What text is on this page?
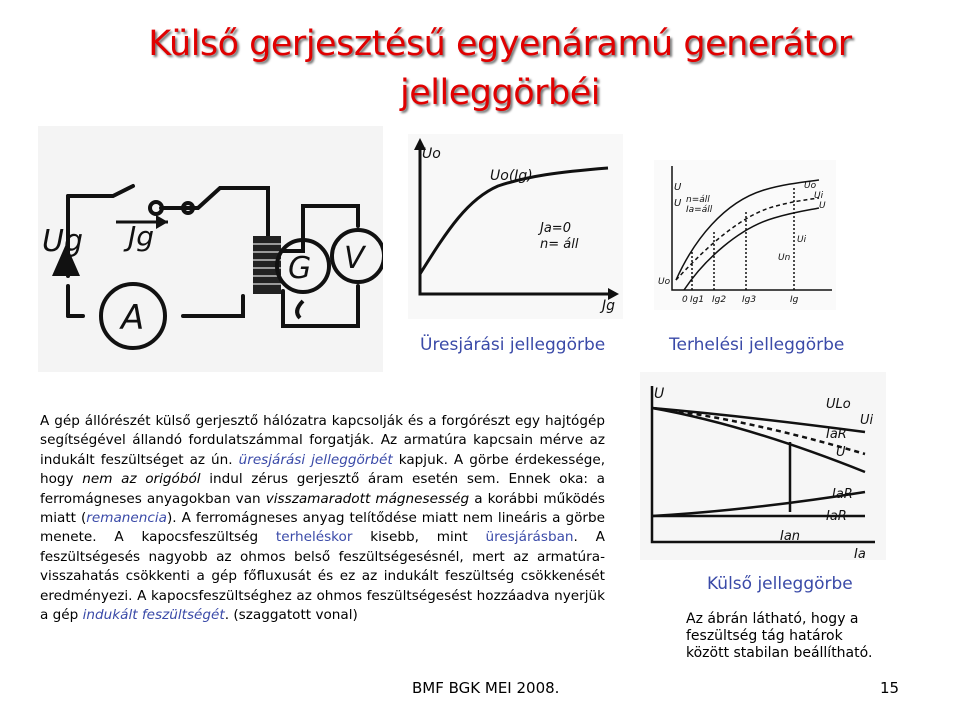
Külső gerjesztésű egyenáramú generátor
jelleggörbéi
A
G V
Ug Jg
Uo
Jg
Uo(Jg)
Ja=0
n= áll
U
U n=áll
Ia=áll
Uo
Ui
U
Ui
Un
Uo
0 Ig1 Ig2 Ig3	Ig
Üresjárási jelleggörbe	Terhelési jelleggörbe
U
ULo
Ui
IaR
U
IaR
IaR
Ian
Ia
A gép állórészét külső gerjesztő hálózatra kapcsolják és a forgórészt egy hajtógép segítségével állandó fordulatszámmal forgatják. Az armatúra kapcsain mérve az indukált feszültséget az ún. üresjárási jelleggörbét kapjuk. A görbe érdekessége, hogy nem az origóból indul zérus gerjesztő áram esetén sem. Ennek oka: a ferromágneses anyagokban van visszamaradott mágnesesség a korábbi működés miatt (remanencia). A ferromágneses anyag telítődése miatt nem lineáris a görbe menete. A kapocsfeszültség terheléskor kisebb, mint üresjárásban. A feszültségesés nagyobb az ohmos belső feszültségesésnél, mert az armatúra-visszahatás csökkenti a gép főfluxusát és ez az indukált feszültség csökkenését eredményezi. A kapocsfeszültséghez az ohmos feszültségesést hozzáadva nyerjük a gép indukált feszültségét. (szaggatott vonal)
Külső jelleggörbe
Az ábrán látható, hogy a feszültség tág határok között stabilan beállítható.
BMF BGK MEI 2008.	15
